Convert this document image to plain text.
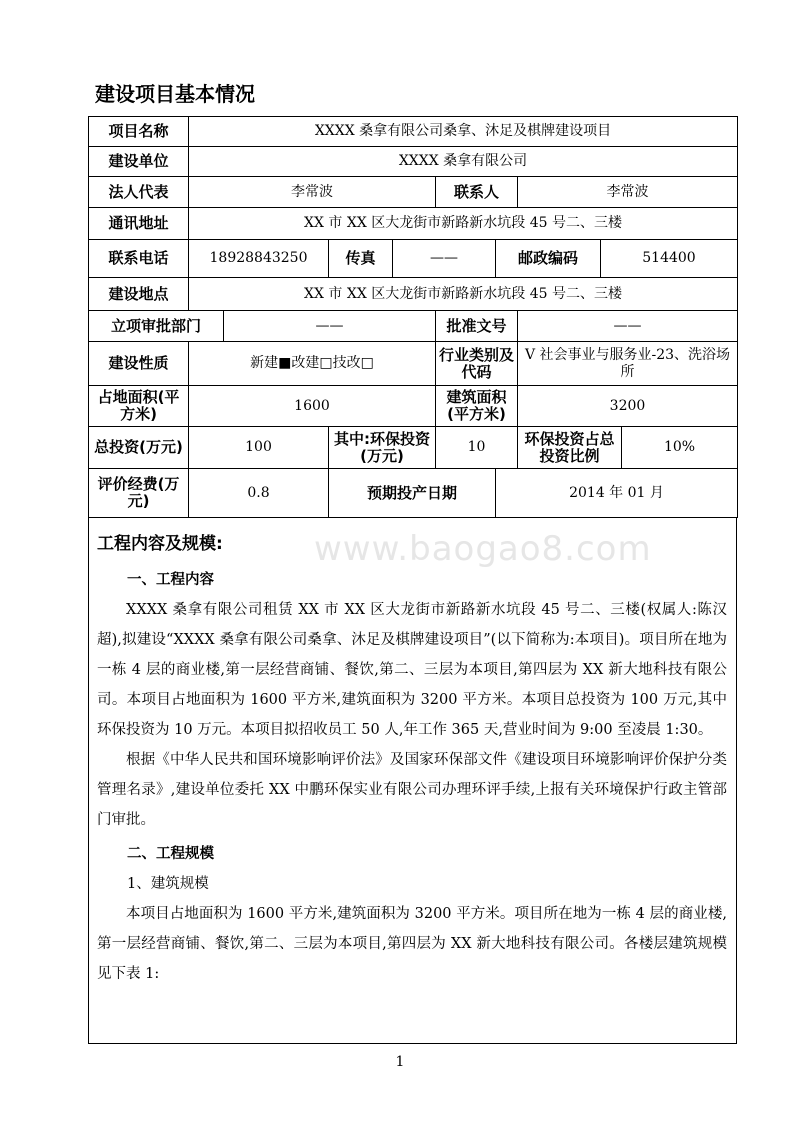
建设项目基本情况
项目名称	XXXX 桑拿有限公司桑拿、沐足及棋牌建设项目								
建设单位	XXXX 桑拿有限公司								
法人代表	李常波				联系人		李常波		
通讯地址	XX 市 XX 区大龙街市新路新水坑段 45 号二、三楼								
联系电话	18928843250		传真	——		邮政编码		514400	
建设地点	XX 市 XX 区大龙街市新路新水坑段 45 号二、三楼								
立项审批部门		——			批准文号		——		
建设性质	新建■改建□技改□				行业类别及代码		V 社会事业与服务业-23、洗浴场所		
占地面积(平方米)	1600				建筑面积(平方米)		3200		
总投资(万元)	100		其中:环保投资(万元)		10		环保投资占总投资比例		10%
评价经费(万元)	0.8		预期投产日期			2014 年 01 月			
www.baogao8.com
工程内容及规模:
一、工程内容

XXXX 桑拿有限公司租赁 XX 市 XX 区大龙街市新路新水坑段 45 号二、三楼(权属人:陈汉超),拟建设“XXXX 桑拿有限公司桑拿、沐足及棋牌建设项目”(以下简称为:本项目)。项目所在地为一栋 4 层的商业楼,第一层经营商铺、餐饮,第二、三层为本项目,第四层为 XX 新大地科技有限公司。本项目占地面积为 1600 平方米,建筑面积为 3200 平方米。本项目总投资为 100 万元,其中环保投资为 10 万元。本项目拟招收员工 50 人,年工作 365 天,营业时间为 9:00 至凌晨 1:30。

根据《中华人民共和国环境影响评价法》及国家环保部文件《建设项目环境影响评价保护分类管理名录》,建设单位委托 XX 中鹏环保实业有限公司办理环评手续,上报有关环境保护行政主管部门审批。

二、工程规模
1、建筑规模

本项目占地面积为 1600 平方米,建筑面积为 3200 平方米。项目所在地为一栋 4 层的商业楼,第一层经营商铺、餐饮,第二、三层为本项目,第四层为 XX 新大地科技有限公司。各楼层建筑规模见下表 1:

1
